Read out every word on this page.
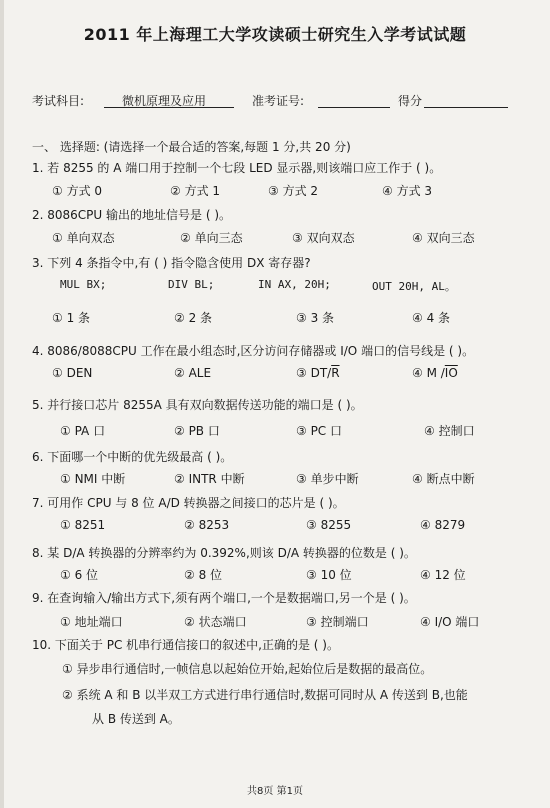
2011 年上海理工大学攻读硕士研究生入学考试试题
考试科目:	微机原理及应用	准考证号:	得分
一、 选择题: (请选择一个最合适的答案,每题 1 分,共 20 分)
1. 若 8255 的 A 端口用于控制一个七段 LED 显示器,则该端口应工作于 ( )。
① 方式 0	② 方式 1	③ 方式 2	④ 方式 3
2. 8086CPU 输出的地址信号是 ( )。
① 单向双态	② 单向三态	③ 双向双态	④ 双向三态
3. 下列 4 条指令中,有 ( ) 指令隐含使用 DX 寄存器?
MUL BX;	DIV BL;	IN AX, 20H;	OUT 20H, AL。
① 1 条	② 2 条	③ 3 条	④ 4 条
4. 8086/8088CPU 工作在最小组态时,区分访问存储器或 I/O 端口的信号线是 ( )。
① DEN	② ALE	③ $DT/\overline{R}$	④ M $/\overline{IO}$
5. 并行接口芯片 8255A 具有双向数据传送功能的端口是 ( )。
① PA 口	② PB 口	③ PC 口	④ 控制口
6. 下面哪一个中断的优先级最高 ( )。
① NMI 中断	② INTR 中断	③ 单步中断	④ 断点中断
7. 可用作 CPU 与 8 位 A/D 转换器之间接口的芯片是 ( )。
① 8251	② 8253	③ 8255	④ 8279
8. 某 D/A 转换器的分辨率约为 0.392%,则该 D/A 转换器的位数是 ( )。
① 6 位	② 8 位	③ 10 位	④ 12 位
9. 在查询输入/输出方式下,须有两个端口,一个是数据端口,另一个是 ( )。
① 地址端口	② 状态端口	③ 控制端口	④ I/O 端口
10. 下面关于 PC 机串行通信接口的叙述中,正确的是 ( )。
① 异步串行通信时,一帧信息以起始位开始,起始位后是数据的最高位。
② 系统 A 和 B 以半双工方式进行串行通信时,数据可同时从 A 传送到 B,也能
从 B 传送到 A。
共8页 第1页
